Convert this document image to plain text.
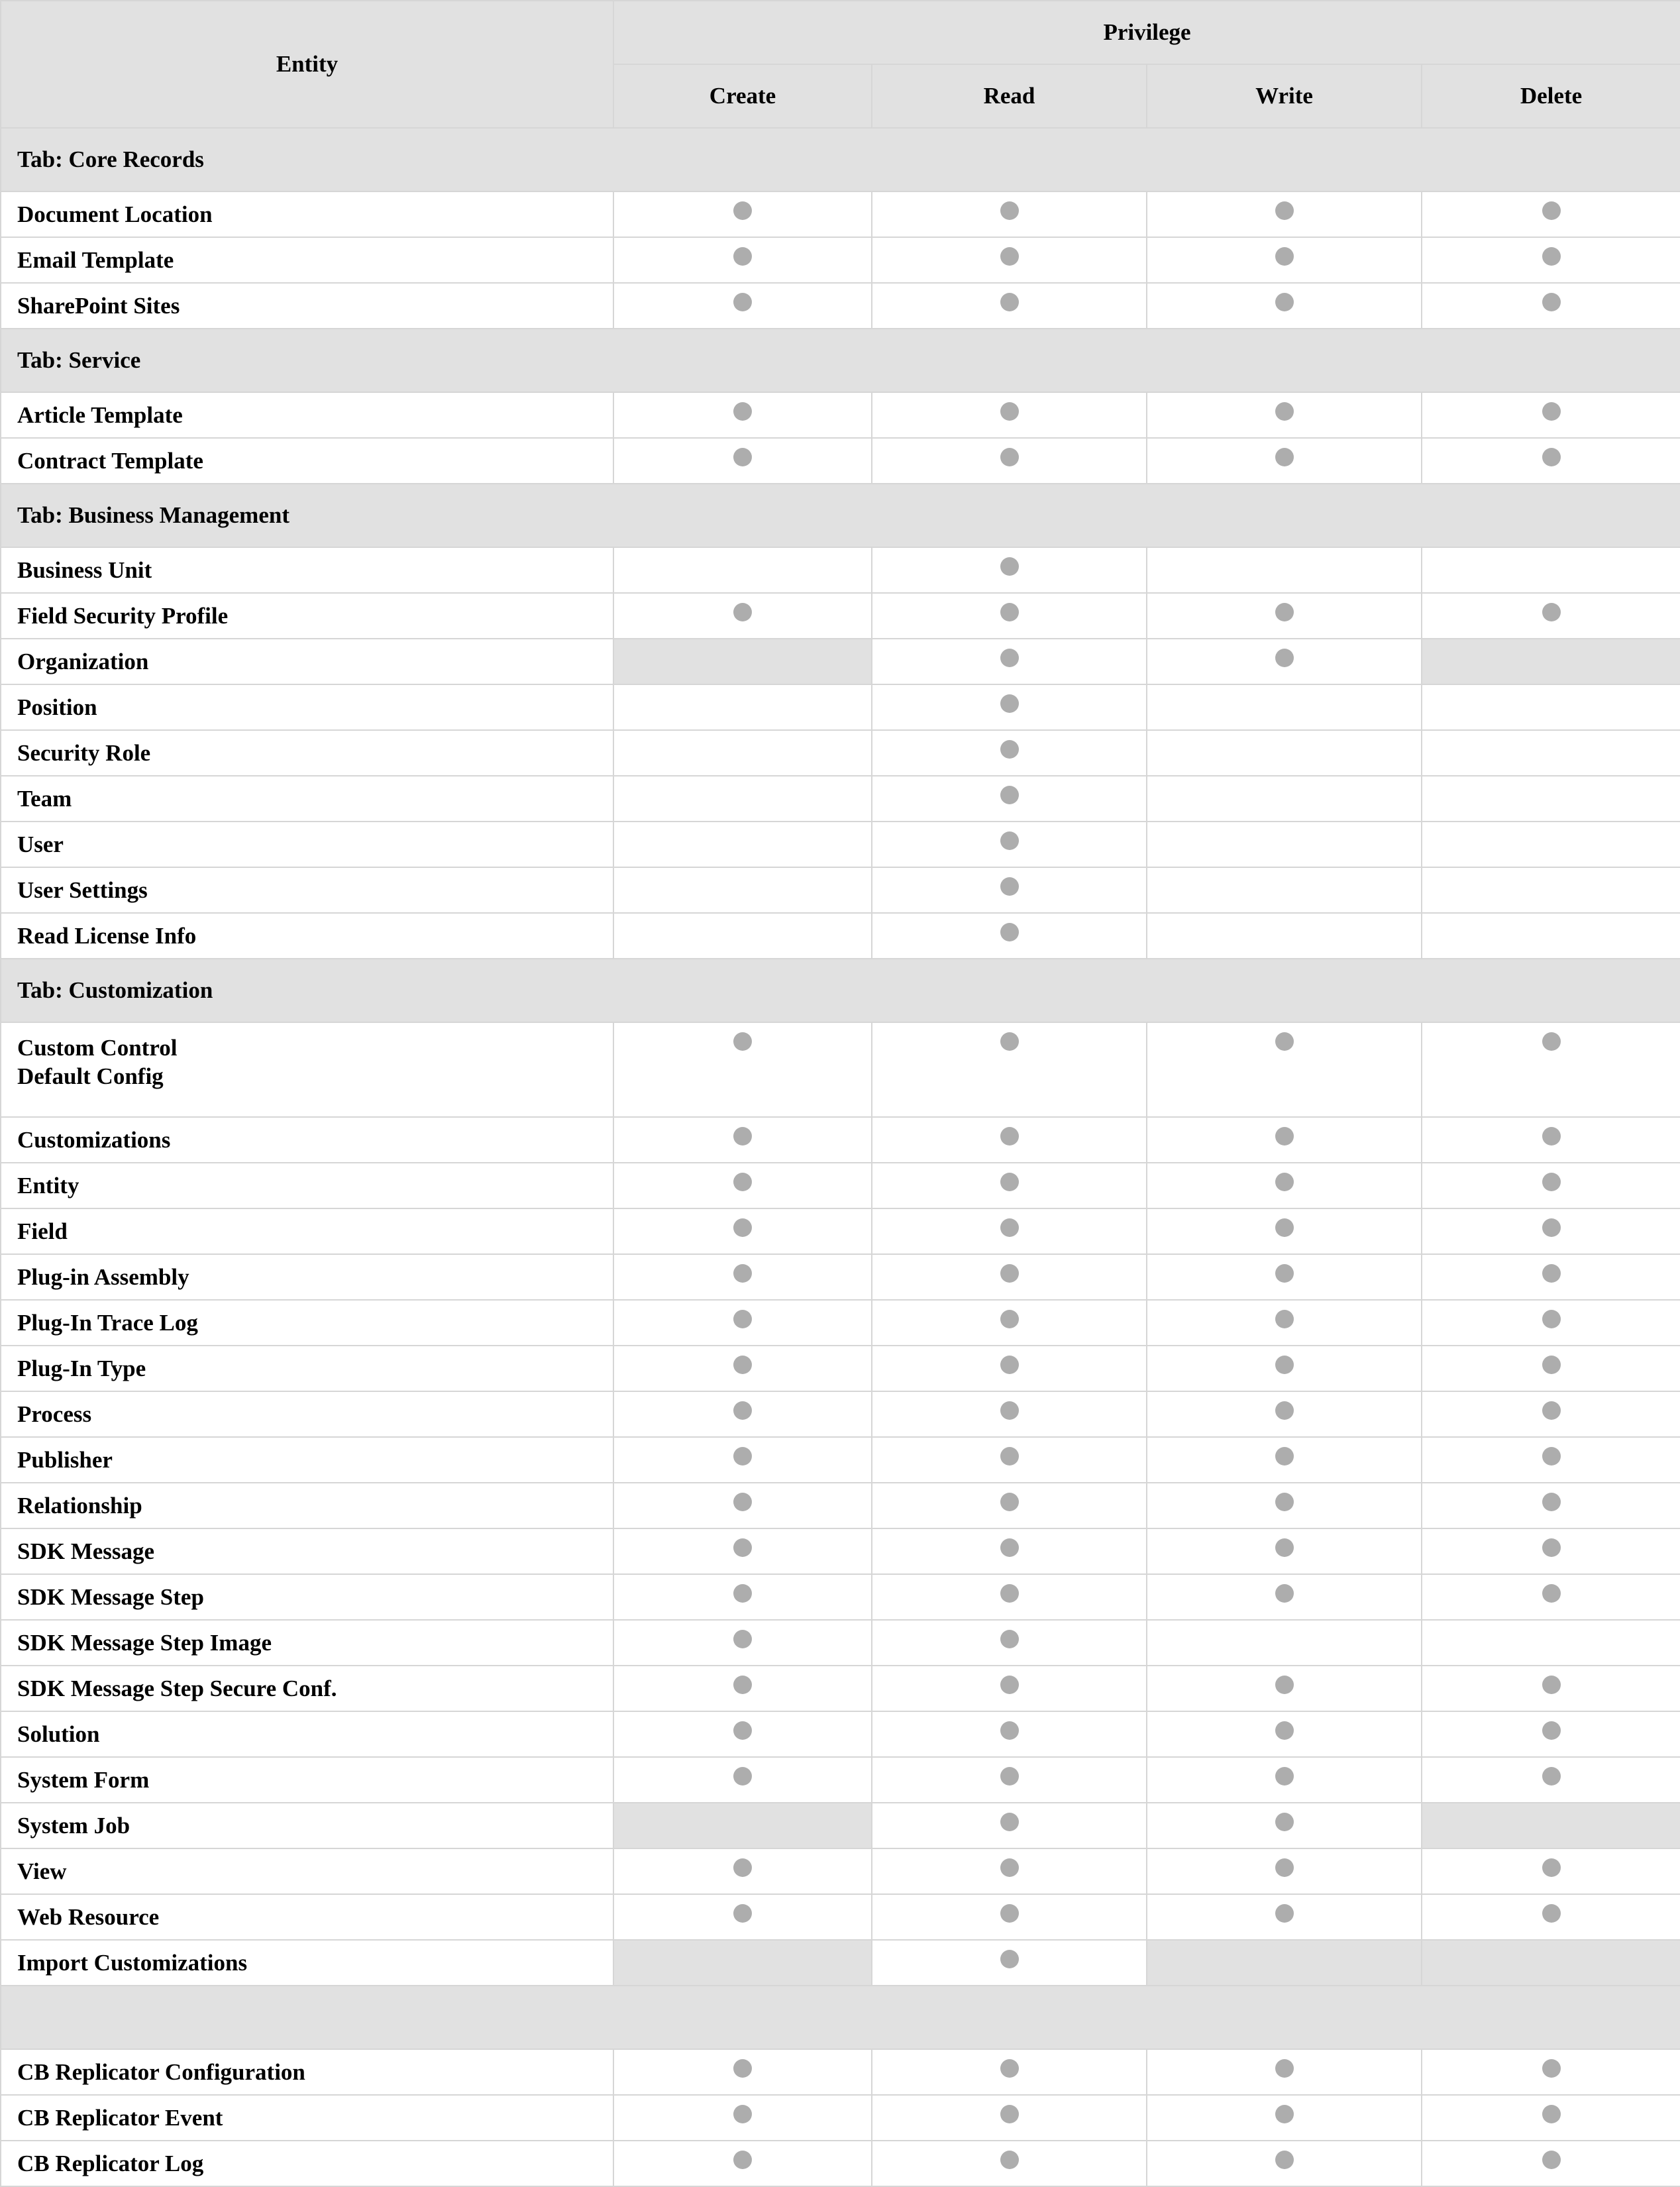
Entity	Privilege			
	Create	Read	Write	Delete
Tab: Core Records				
Document Location				
Email Template				
SharePoint Sites				
Tab: Service				
Article Template				
Contract Template				
Tab: Business Management				
Business Unit				
Field Security Profile				
Organization				
Position				
Security Role				
Team				
User				
User Settings				
Read License Info				
Tab: Customization				
Custom Control
Default Config				
Customizations				
Entity				
Field				
Plug-in Assembly				
Plug-In Trace Log				
Plug-In Type				
Process				
Publisher				
Relationship				
SDK Message				
SDK Message Step				
SDK Message Step Image				
SDK Message Step Secure Conf.				
Solution				
System Form				
System Job				
View				
Web Resource				
Import Customizations				

CB Replicator Configuration				
CB Replicator Event				
CB Replicator Log				
